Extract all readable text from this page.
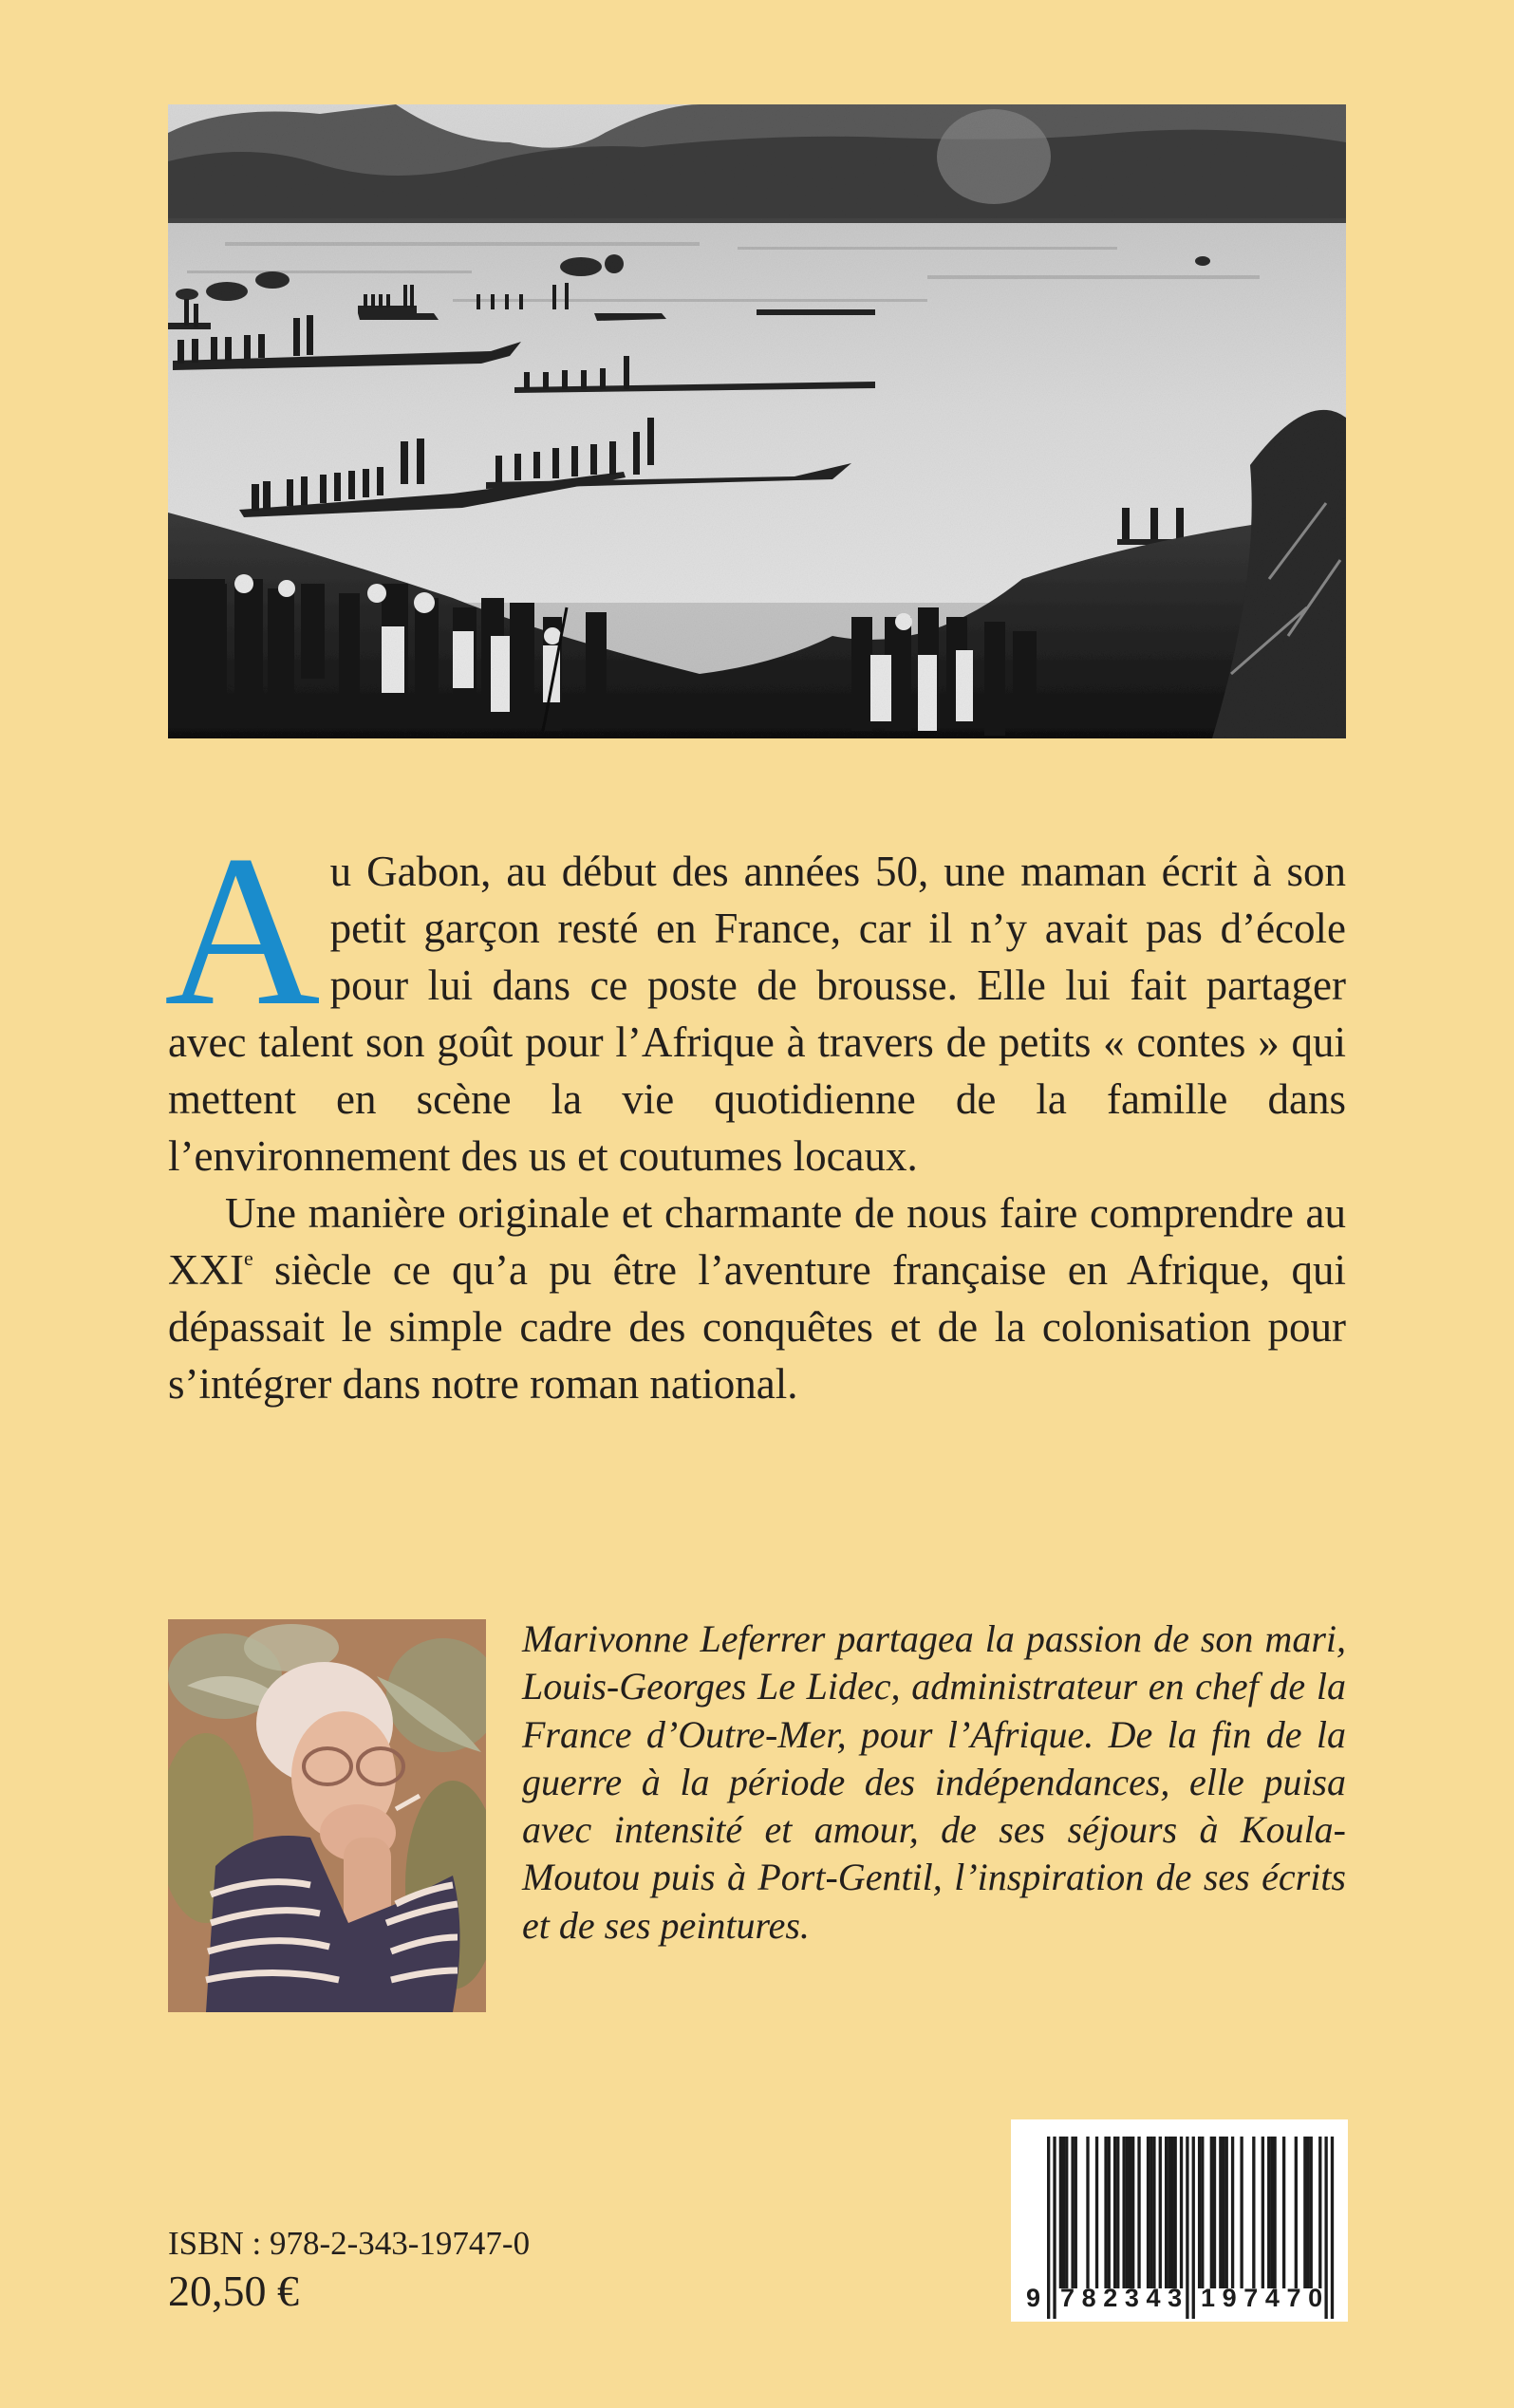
Au Gabon, au début des années 50, une maman écrit à son petit garçon resté en France, car il n’y avait pas d’école pour lui dans ce poste de brousse. Elle lui fait partager avec talent son goût pour l’Afrique à travers de petits « contes » qui mettent en scène la vie quotidienne de la famille dans l’environnement des us et coutumes locaux.

Une manière originale et charmante de nous faire comprendre au XXIe siècle ce qu’a pu être l’aventure française en Afrique, qui dépassait le simple cadre des conquêtes et de la colonisation pour s’intégrer dans notre roman national.

Marivonne Leferrer partagea la passion de son mari, Louis-Georges Le Lidec, administrateur en chef de la France d’Outre-Mer, pour l’Afrique. De la fin de la guerre à la période des indépendances, elle puisa avec intensité et amour, de ses séjours à Koula-Moutou puis à Port-Gentil, l’inspiration de ses écrits et de ses peintures.
ISBN : 978-2-343-19747-0
20,50 €	9 782343 197470
